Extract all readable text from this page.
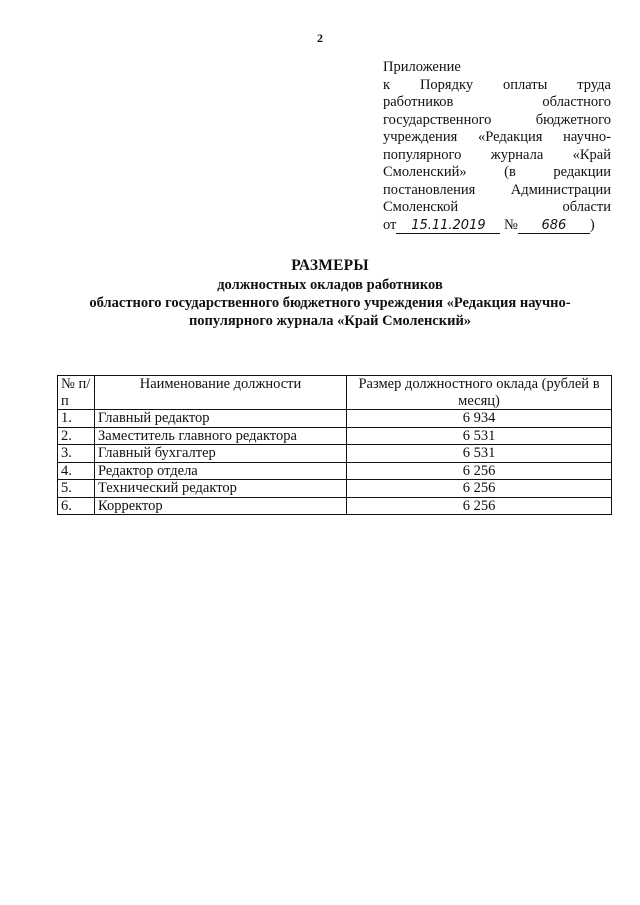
2
Приложение
к Порядку оплаты труда
работников областного
государственного бюджетного
учреждения «Редакция научно-
популярного журнала «Край
Смоленский» (в редакции
постановления Администрации
Смоленской области
от 15.11.2019 № 686 )
РАЗМЕРЫ
должностных окладов работников
областного государственного бюджетного учреждения «Редакция научно-
популярного журнала «Край Смоленский»
№ п/п	Наименование должности	Размер должностного оклада (рублей в месяц)
1.	Главный редактор	6 934
2.	Заместитель главного редактора	6 531
3.	Главный бухгалтер	6 531
4.	Редактор отдела	6 256
5.	Технический редактор	6 256
6.	Корректор	6 256
